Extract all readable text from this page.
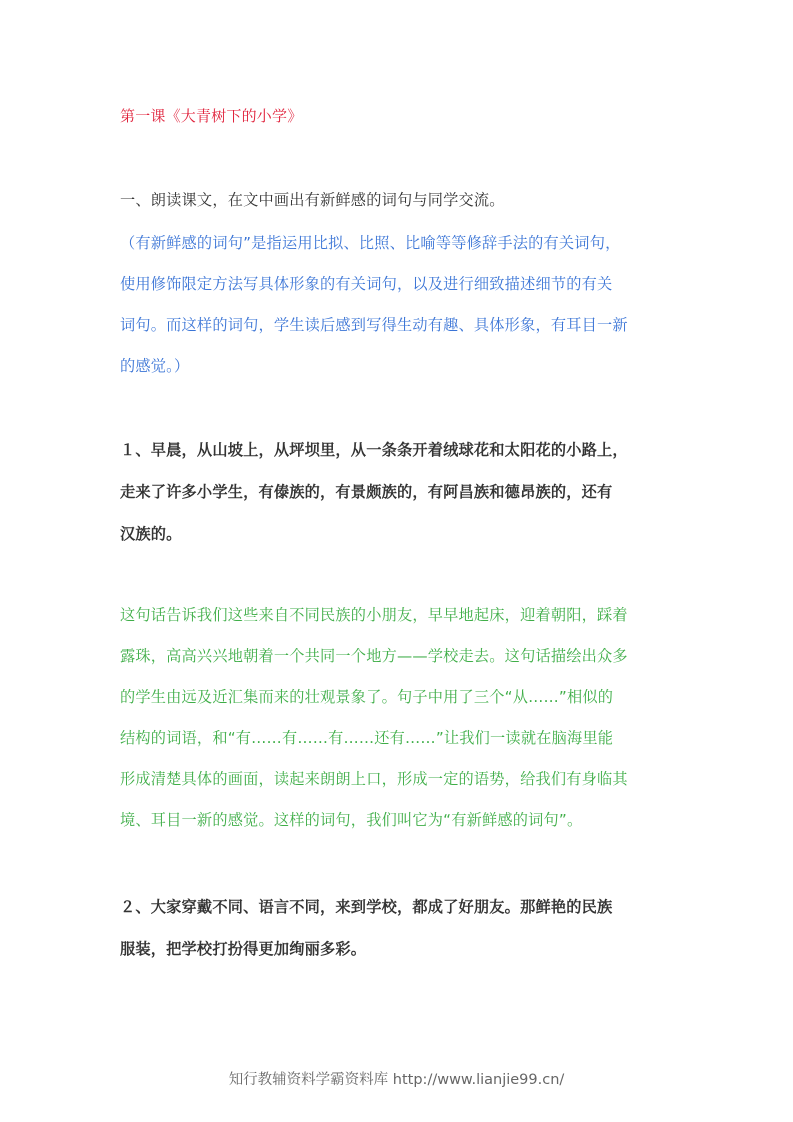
第一课《大青树下的小学》
一、朗读课文，在文中画出有新鲜感的词句与同学交流。
（有新鲜感的词句”是指运用比拟、比照、比喻等等修辞手法的有关词句，
使用修饰限定方法写具体形象的有关词句，以及进行细致描述细节的有关
词句。而这样的词句，学生读后感到写得生动有趣、具体形象，有耳目一新
的感觉。）
１、早晨，从山坡上，从坪坝里，从一条条开着绒球花和太阳花的小路上，
走来了许多小学生，有傣族的，有景颇族的，有阿昌族和德昂族的，还有
汉族的。
这句话告诉我们这些来自不同民族的小朋友，早早地起床，迎着朝阳，踩着
露珠，高高兴兴地朝着一个共同一个地方——学校走去。这句话描绘出众多
的学生由远及近汇集而来的壮观景象了。句子中用了三个“从……”相似的
结构的词语，和“有……有……有……还有……”让我们一读就在脑海里能
形成清楚具体的画面，读起来朗朗上口，形成一定的语势，给我们有身临其
境、耳目一新的感觉。这样的词句，我们叫它为“有新鲜感的词句”。
２、大家穿戴不同、语言不同，来到学校，都成了好朋友。那鲜艳的民族
服装，把学校打扮得更加绚丽多彩。
知行教辅资料学霸资料库 http://www.lianjie99.cn/
